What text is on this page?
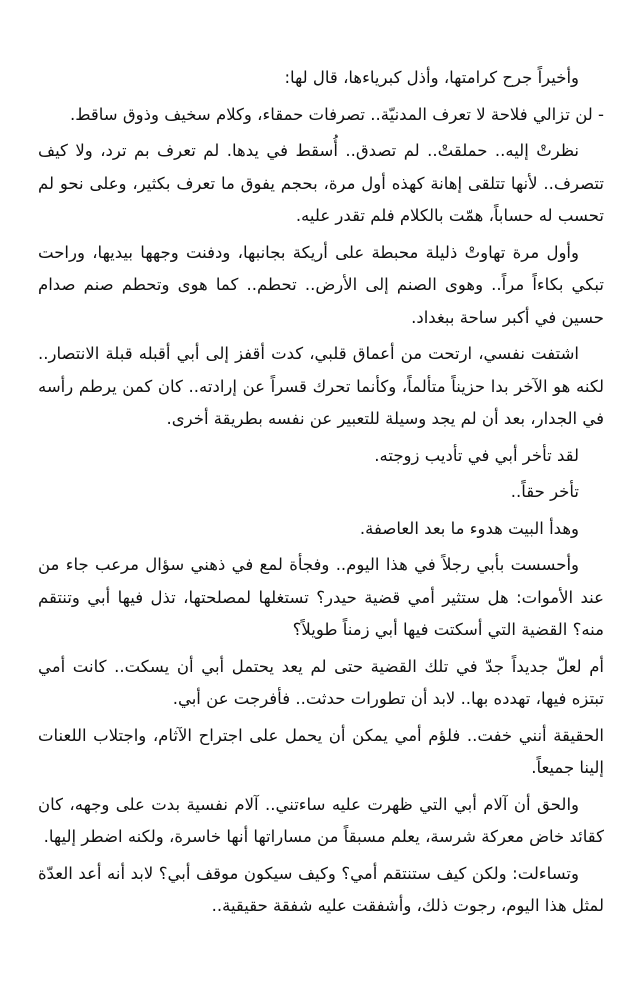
وأخيراً جرح كرامتها، وأذل كبرياءها، قال لها:

- لن تزالي فلاحة لا تعرف المدنيّة.. تصرفات حمقاء، وكلام سخيف وذوق ساقط.

نظرتْ إليه.. حملقتْ.. لم تصدق.. أُسقط في يدها. لم تعرف بم ترد، ولا كيف تتصرف.. لأنها تتلقى إهانة كهذه أول مرة، بحجم يفوق ما تعرف بكثير، وعلى نحو لم تحسب له حساباً، همّت بالكلام فلم تقدر عليه.

وأول مرة تهاوتْ ذليلة محبطة على أريكة بجانبها، ودفنت وجهها بيديها، وراحت تبكي بكاءاً مراً.. وهوى الصنم إلى الأرض.. تحطم.. كما هوى وتحطم صنم صدام حسين في أكبر ساحة ببغداد.

اشتفت نفسي، ارتحت من أعماق قلبي، كدت أقفز إلى أبي أقبله قبلة الانتصار.. لكنه هو الآخر بدا حزيناً متألماً، وكأنما تحرك قسراً عن إرادته.. كان كمن يرطم رأسه في الجدار، بعد أن لم يجد وسيلة للتعبير عن نفسه بطريقة أخرى.

لقد تأخر أبي في تأديب زوجته.

تأخر حقاً..

وهدأ البيت هدوء ما بعد العاصفة.

وأحسست بأبي رجلاً في هذا اليوم.. وفجأة لمع في ذهني سؤال مرعب جاء من عند الأموات: هل ستثير أمي قضية حيدر؟ تستغلها لمصلحتها، تذل فيها أبي وتنتقم منه؟ القضية التي أسكتت فيها أبي زمناً طويلاً؟

أم لعلّ جديداً جدّ في تلك القضية حتى لم يعد يحتمل أبي أن يسكت.. كانت أمي تبتزه فيها، تهدده بها.. لابد أن تطورات حدثت.. فأفرجت عن أبي.

الحقيقة أنني خفت.. فلؤم أمي يمكن أن يحمل على اجتراح الآثام، واجتلاب اللعنات إلينا جميعاً.

والحق أن آلام أبي التي ظهرت عليه ساءتني.. آلام نفسية بدت على وجهه، كان كقائد خاض معركة شرسة، يعلم مسبقاً من مساراتها أنها خاسرة، ولكنه اضطر إليها.

وتساءلت: ولكن كيف ستنتقم أمي؟ وكيف سيكون موقف أبي؟ لابد أنه أعد العدّة لمثل هذا اليوم، رجوت ذلك، وأشفقت عليه شفقة حقيقية..
